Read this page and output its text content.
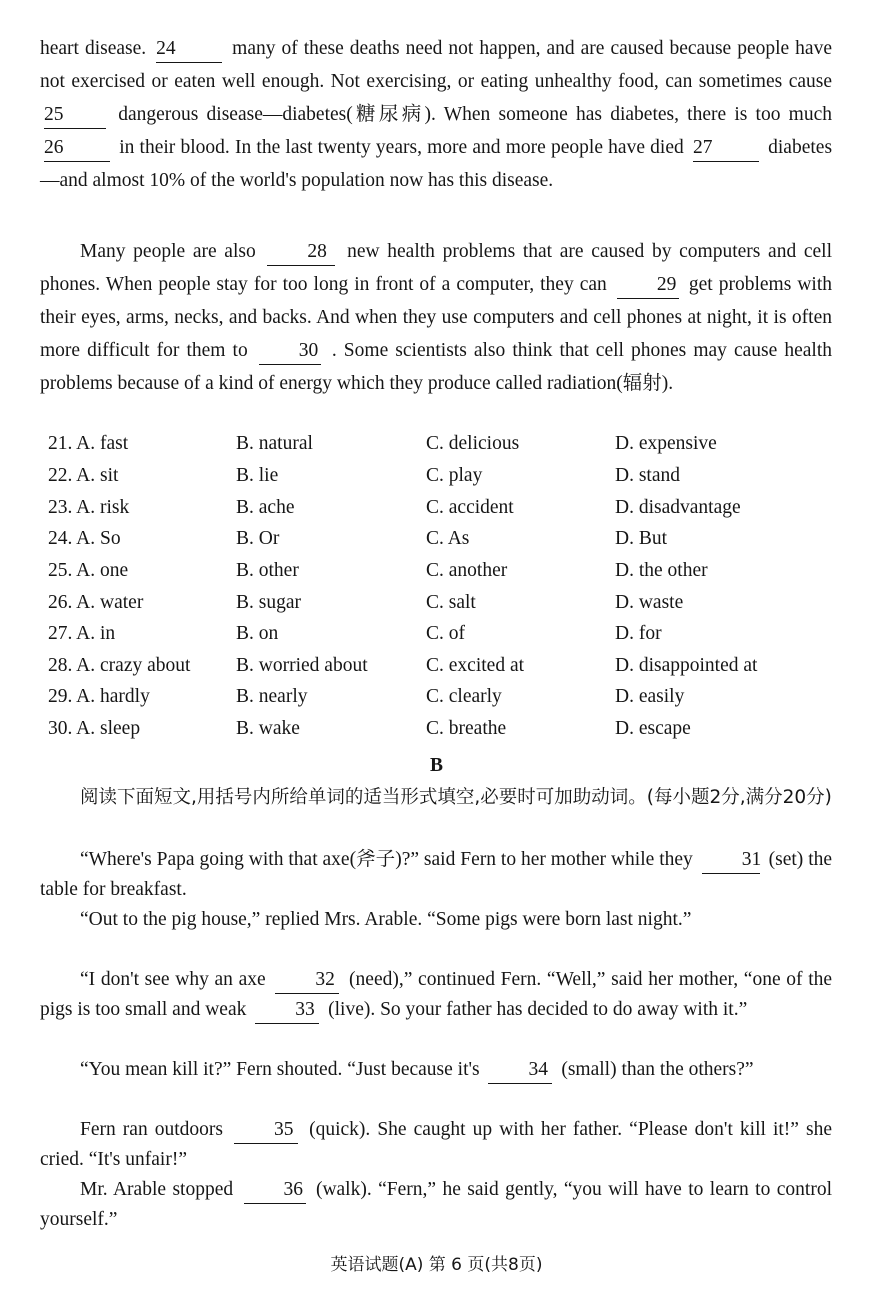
heart disease. 24	many of these deaths need not happen, and are caused because people have not exercised or eaten well enough. Not exercising, or eating unhealthy food, can sometimes cause 25	dangerous disease—diabetes(糖尿病). When someone has diabetes, there is too much 26	in their blood. In the last twenty years, more and more people have died 27	diabetes—and almost 10% of the world's population now has this disease.

Many people are also	28 new health problems that are caused by computers and cell phones. When people stay for too long in front of a computer, they can	29 get problems with their eyes, arms, necks, and backs. And when they use computers and cell phones at night, it is often more difficult for them to	30 . Some scientists also think that cell phones may cause health problems because of a kind of energy which they produce called radiation(辐射).

21. A. fast	B. natural	C. delicious	D. expensive
22. A. sit	B. lie	C. play	D. stand
23. A. risk	B. ache	C. accident	D. disadvantage
24. A. So	B. Or	C. As	D. But
25. A. one	B. other	C. another	D. the other
26. A. water	B. sugar	C. salt	D. waste
27. A. in	B. on	C. of	D. for
28. A. crazy about B. worried about	C. excited at	D. disappointed at
29. A. hardly	B. nearly	C. clearly	D. easily
30. A. sleep	B. wake	C. breathe	D. escape
B

阅读下面短文,用括号内所给单词的适当形式填空,必要时可加助动词。(每小题2分,满分20分)

“Where's Papa going with that axe(斧子)?” said Fern to her mother while they	31 (set) the table for breakfast.

“Out to the pig house,” replied Mrs. Arable. “Some pigs were born last night.”

“I don't see why an axe	32 (need),” continued Fern. “Well,” said her mother, “one of the pigs is too small and weak	33 (live). So your father has decided to do away with it.”

“You mean kill it?” Fern shouted. “Just because it's	34 (small) than the others?”

Fern ran outdoors	35 (quick). She caught up with her father. “Please don't kill it!” she cried. “It's unfair!”

Mr. Arable stopped	36 (walk). “Fern,” he said gently, “you will have to learn to control yourself.”

英语试题(A) 第 6 页(共8页)
